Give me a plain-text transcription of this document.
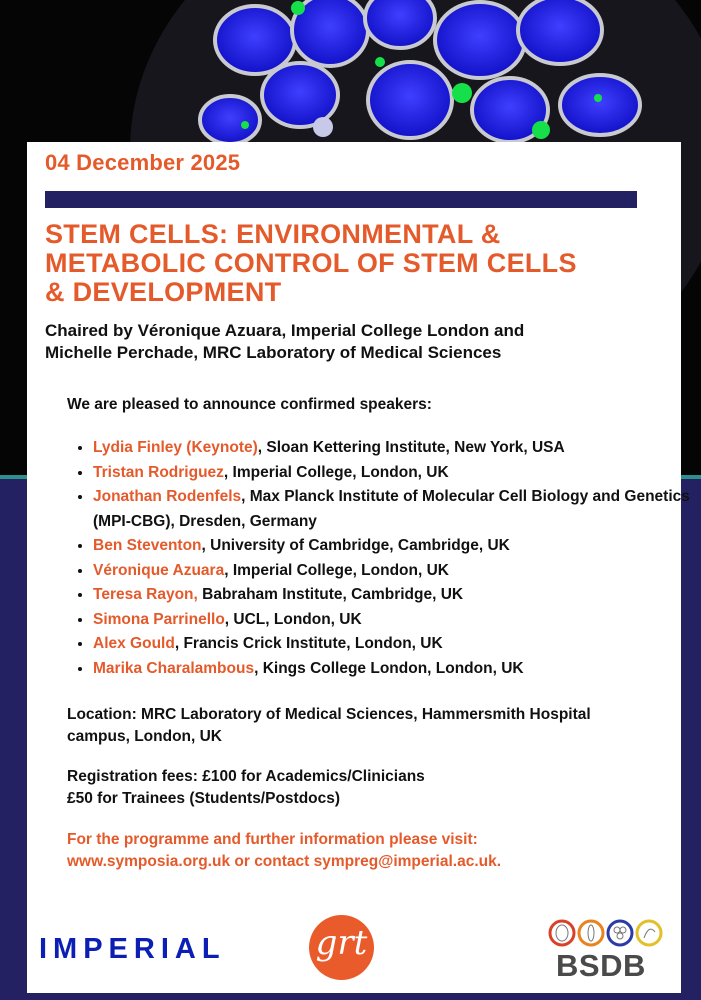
04 December 2025
STEM CELLS: ENVIRONMENTAL &
METABOLIC CONTROL OF STEM CELLS
& DEVELOPMENT
Chaired by Véronique Azuara, Imperial College London and
Michelle Perchade, MRC Laboratory of Medical Sciences
We are pleased to announce confirmed speakers:
• Lydia Finley (Keynote), Sloan Kettering Institute, New York, USA
• Tristan Rodriguez, Imperial College, London, UK
• Jonathan Rodenfels, Max Planck Institute of Molecular Cell Biology and Genetics (MPI-CBG), Dresden, Germany
• Ben Steventon, University of Cambridge, Cambridge, UK
• Véronique Azuara, Imperial College, London, UK
• Teresa Rayon, Babraham Institute, Cambridge, UK
• Simona Parrinello, UCL, London, UK
• Alex Gould, Francis Crick Institute, London, UK
• Marika Charalambous, Kings College London, London, UK
Location: MRC Laboratory of Medical Sciences, Hammersmith Hospital campus, London, UK
Registration fees: £100 for Academics/Clinicians
£50 for Trainees (Students/Postdocs)
For the programme and further information please visit:
www.symposia.org.uk or contact sympreg@imperial.ac.uk.
IMPERIAL	grt
BSDB
